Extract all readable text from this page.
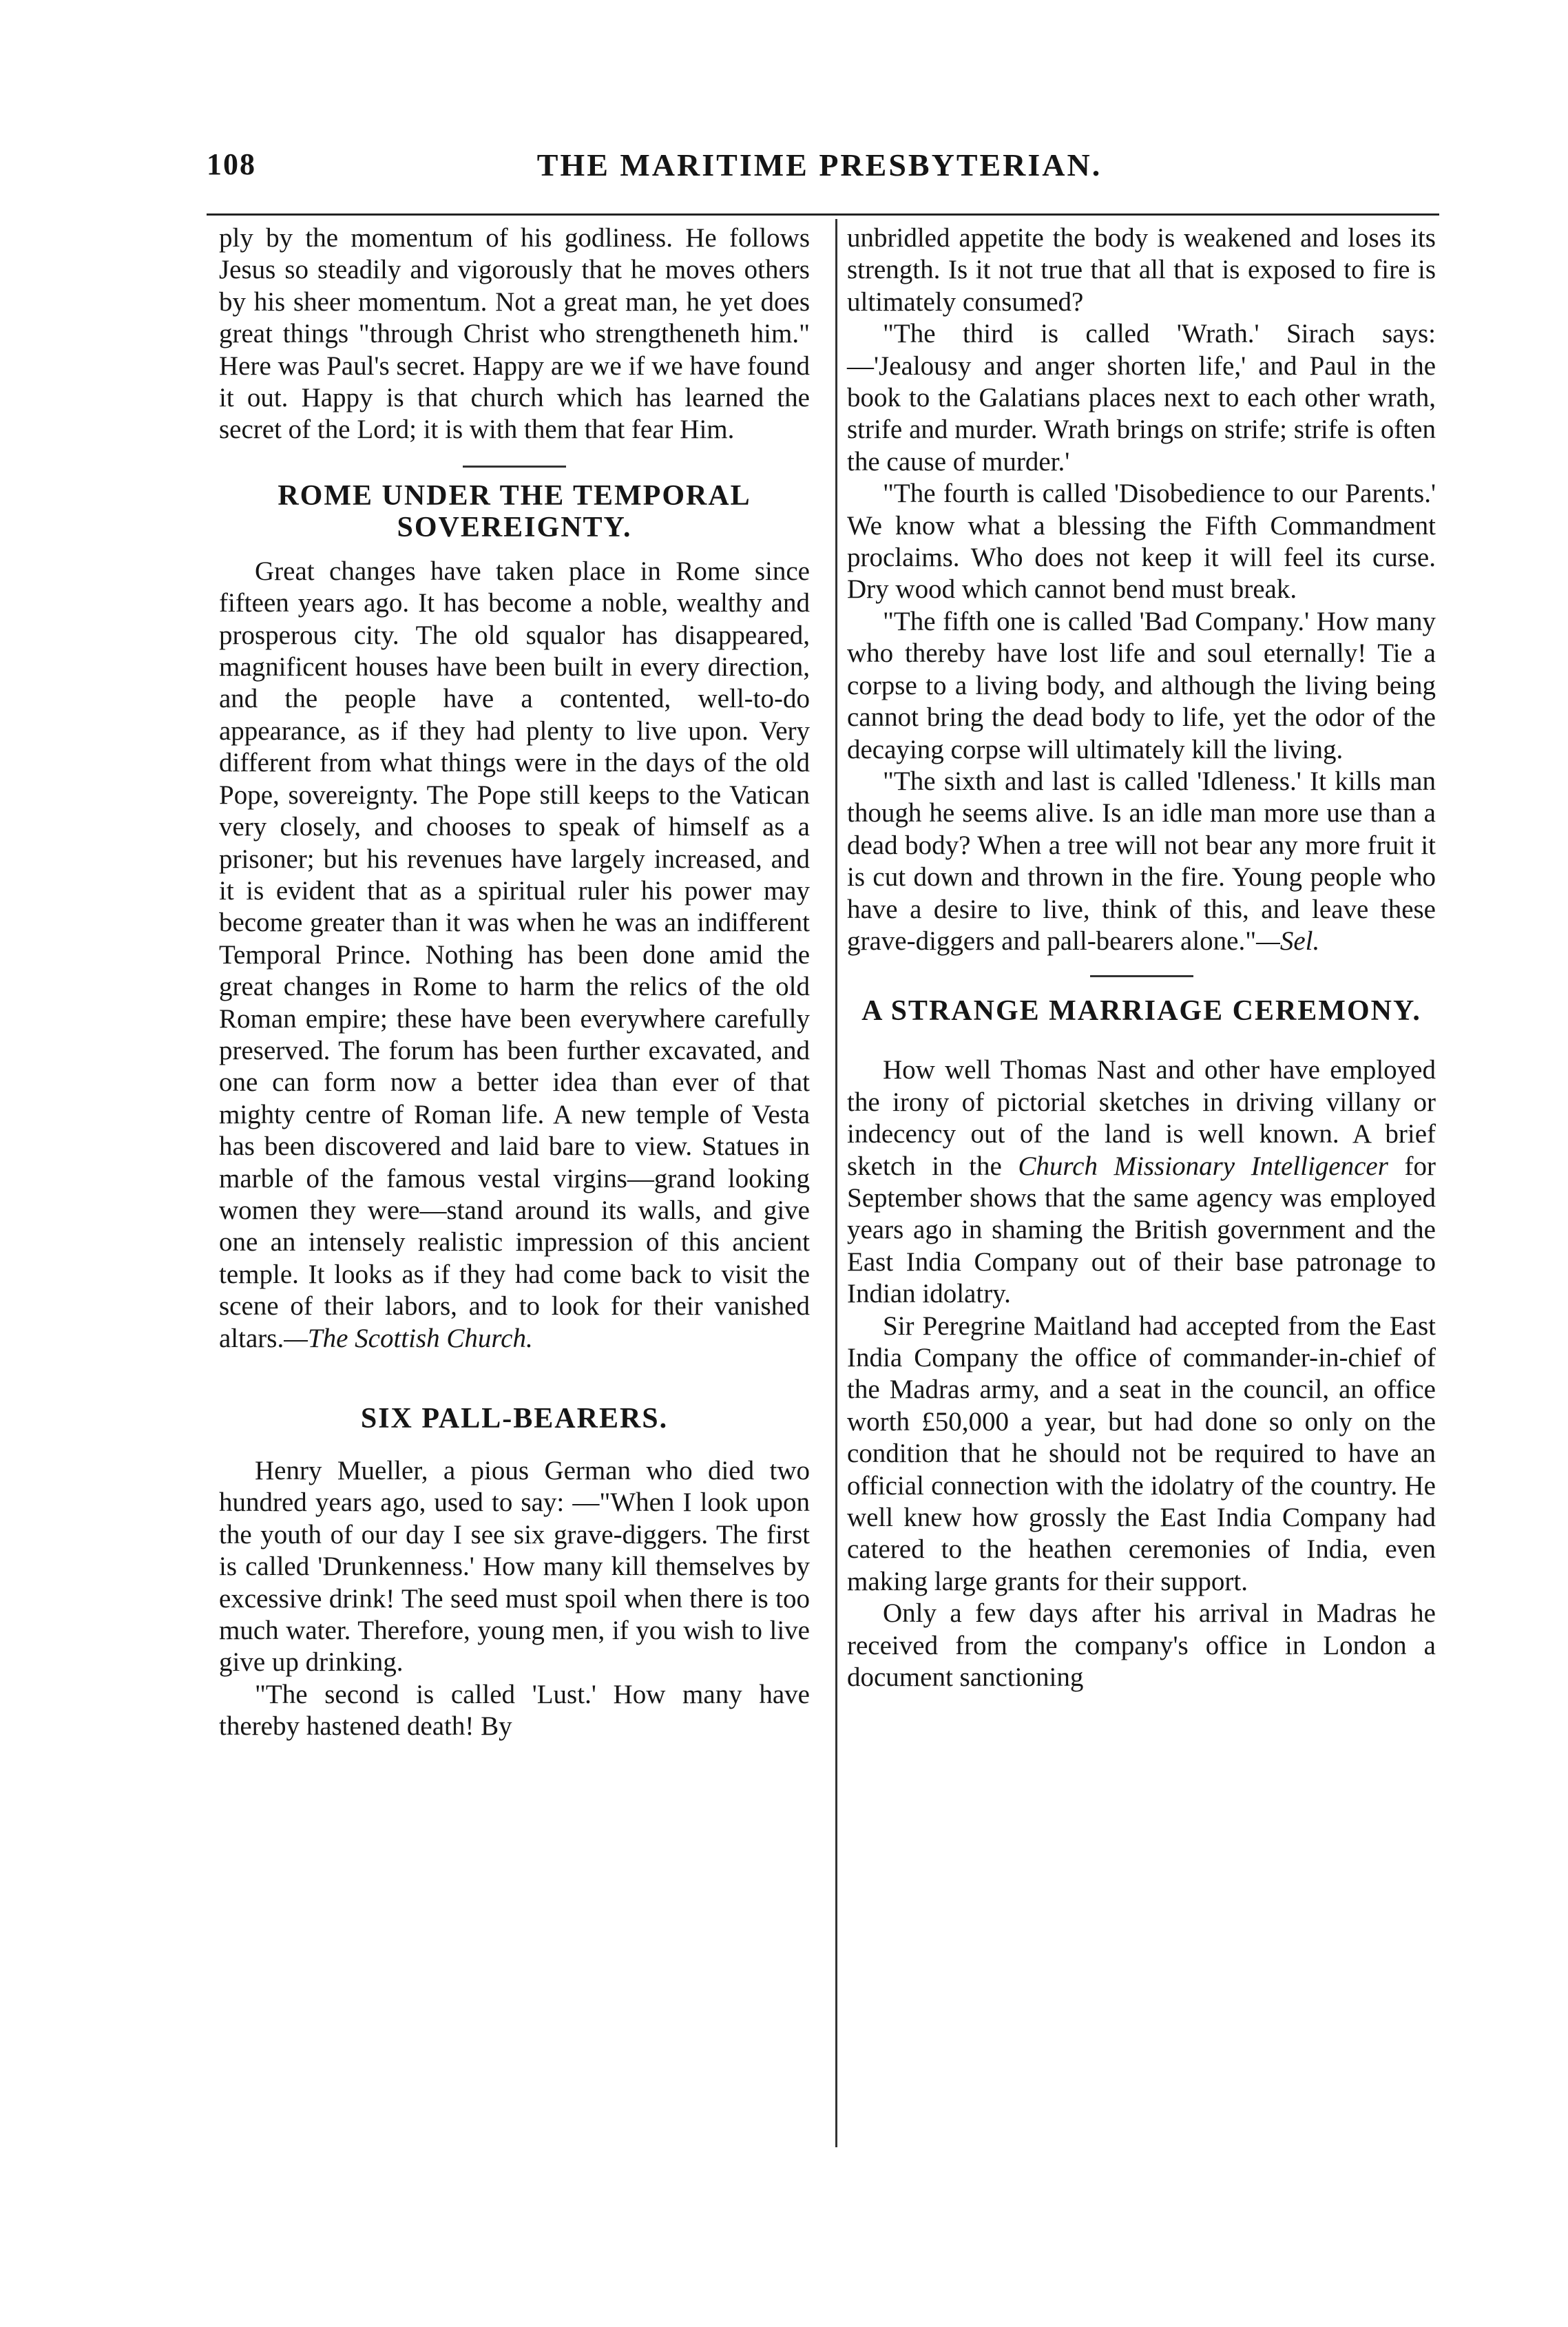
108	THE MARITIME PRESBYTERIAN.

ply by the momentum of his godliness. He follows Jesus so steadily and vigorously that he moves others by his sheer momentum. Not a great man, he yet does great things "through Christ who strengtheneth him." Here was Paul's secret. Happy are we if we have found it out. Happy is that church which has learned the secret of the Lord; it is with them that fear Him.

ROME UNDER THE TEMPORAL SOVEREIGNTY.

Great changes have taken place in Rome since fifteen years ago. It has become a noble, wealthy and prosperous city. The old squalor has disappeared, magnificent houses have been built in every direction, and the people have a contented, well-to-do appearance, as if they had plenty to live upon. Very different from what things were in the days of the old Pope, sovereignty. The Pope still keeps to the Vatican very closely, and chooses to speak of himself as a prisoner; but his revenues have largely increased, and it is evident that as a spiritual ruler his power may become greater than it was when he was an indifferent Temporal Prince. Nothing has been done amid the great changes in Rome to harm the relics of the old Roman empire; these have been everywhere carefully preserved. The forum has been further excavated, and one can form now a better idea than ever of that mighty centre of Roman life. A new temple of Vesta has been discovered and laid bare to view. Statues in marble of the famous vestal virgins—grand looking women they were—stand around its walls, and give one an intensely realistic impression of this ancient temple. It looks as if they had come back to visit the scene of their labors, and to look for their vanished altars.—The Scottish Church.

SIX PALL-BEARERS.

Henry Mueller, a pious German who died two hundred years ago, used to say: —"When I look upon the youth of our day I see six grave-diggers. The first is called 'Drunkenness.' How many kill themselves by excessive drink! The seed must spoil when there is too much water. Therefore, young men, if you wish to live give up drinking.

"The second is called 'Lust.' How many have thereby hastened death! By

unbridled appetite the body is weakened and loses its strength. Is it not true that all that is exposed to fire is ultimately consumed?

"The third is called 'Wrath.' Sirach says:—'Jealousy and anger shorten life,' and Paul in the book to the Galatians places next to each other wrath, strife and murder. Wrath brings on strife; strife is often the cause of murder.'

"The fourth is called 'Disobedience to our Parents.' We know what a blessing the Fifth Commandment proclaims. Who does not keep it will feel its curse. Dry wood which cannot bend must break.

"The fifth one is called 'Bad Company.' How many who thereby have lost life and soul eternally! Tie a corpse to a living body, and although the living being cannot bring the dead body to life, yet the odor of the decaying corpse will ultimately kill the living.

"The sixth and last is called 'Idleness.' It kills man though he seems alive. Is an idle man more use than a dead body? When a tree will not bear any more fruit it is cut down and thrown in the fire. Young people who have a desire to live, think of this, and leave these grave-diggers and pall-bearers alone."—Sel.

A STRANGE MARRIAGE CEREMONY.

How well Thomas Nast and other have employed the irony of pictorial sketches in driving villany or indecency out of the land is well known. A brief sketch in the Church Missionary Intelligencer for September shows that the same agency was employed years ago in shaming the British government and the East India Company out of their base patronage to Indian idolatry.

Sir Peregrine Maitland had accepted from the East India Company the office of commander-in-chief of the Madras army, and a seat in the council, an office worth £50,000 a year, but had done so only on the condition that he should not be required to have an official connection with the idolatry of the country. He well knew how grossly the East India Company had catered to the heathen ceremonies of India, even making large grants for their support.

Only a few days after his arrival in Madras he received from the company's office in London a document sanctioning
